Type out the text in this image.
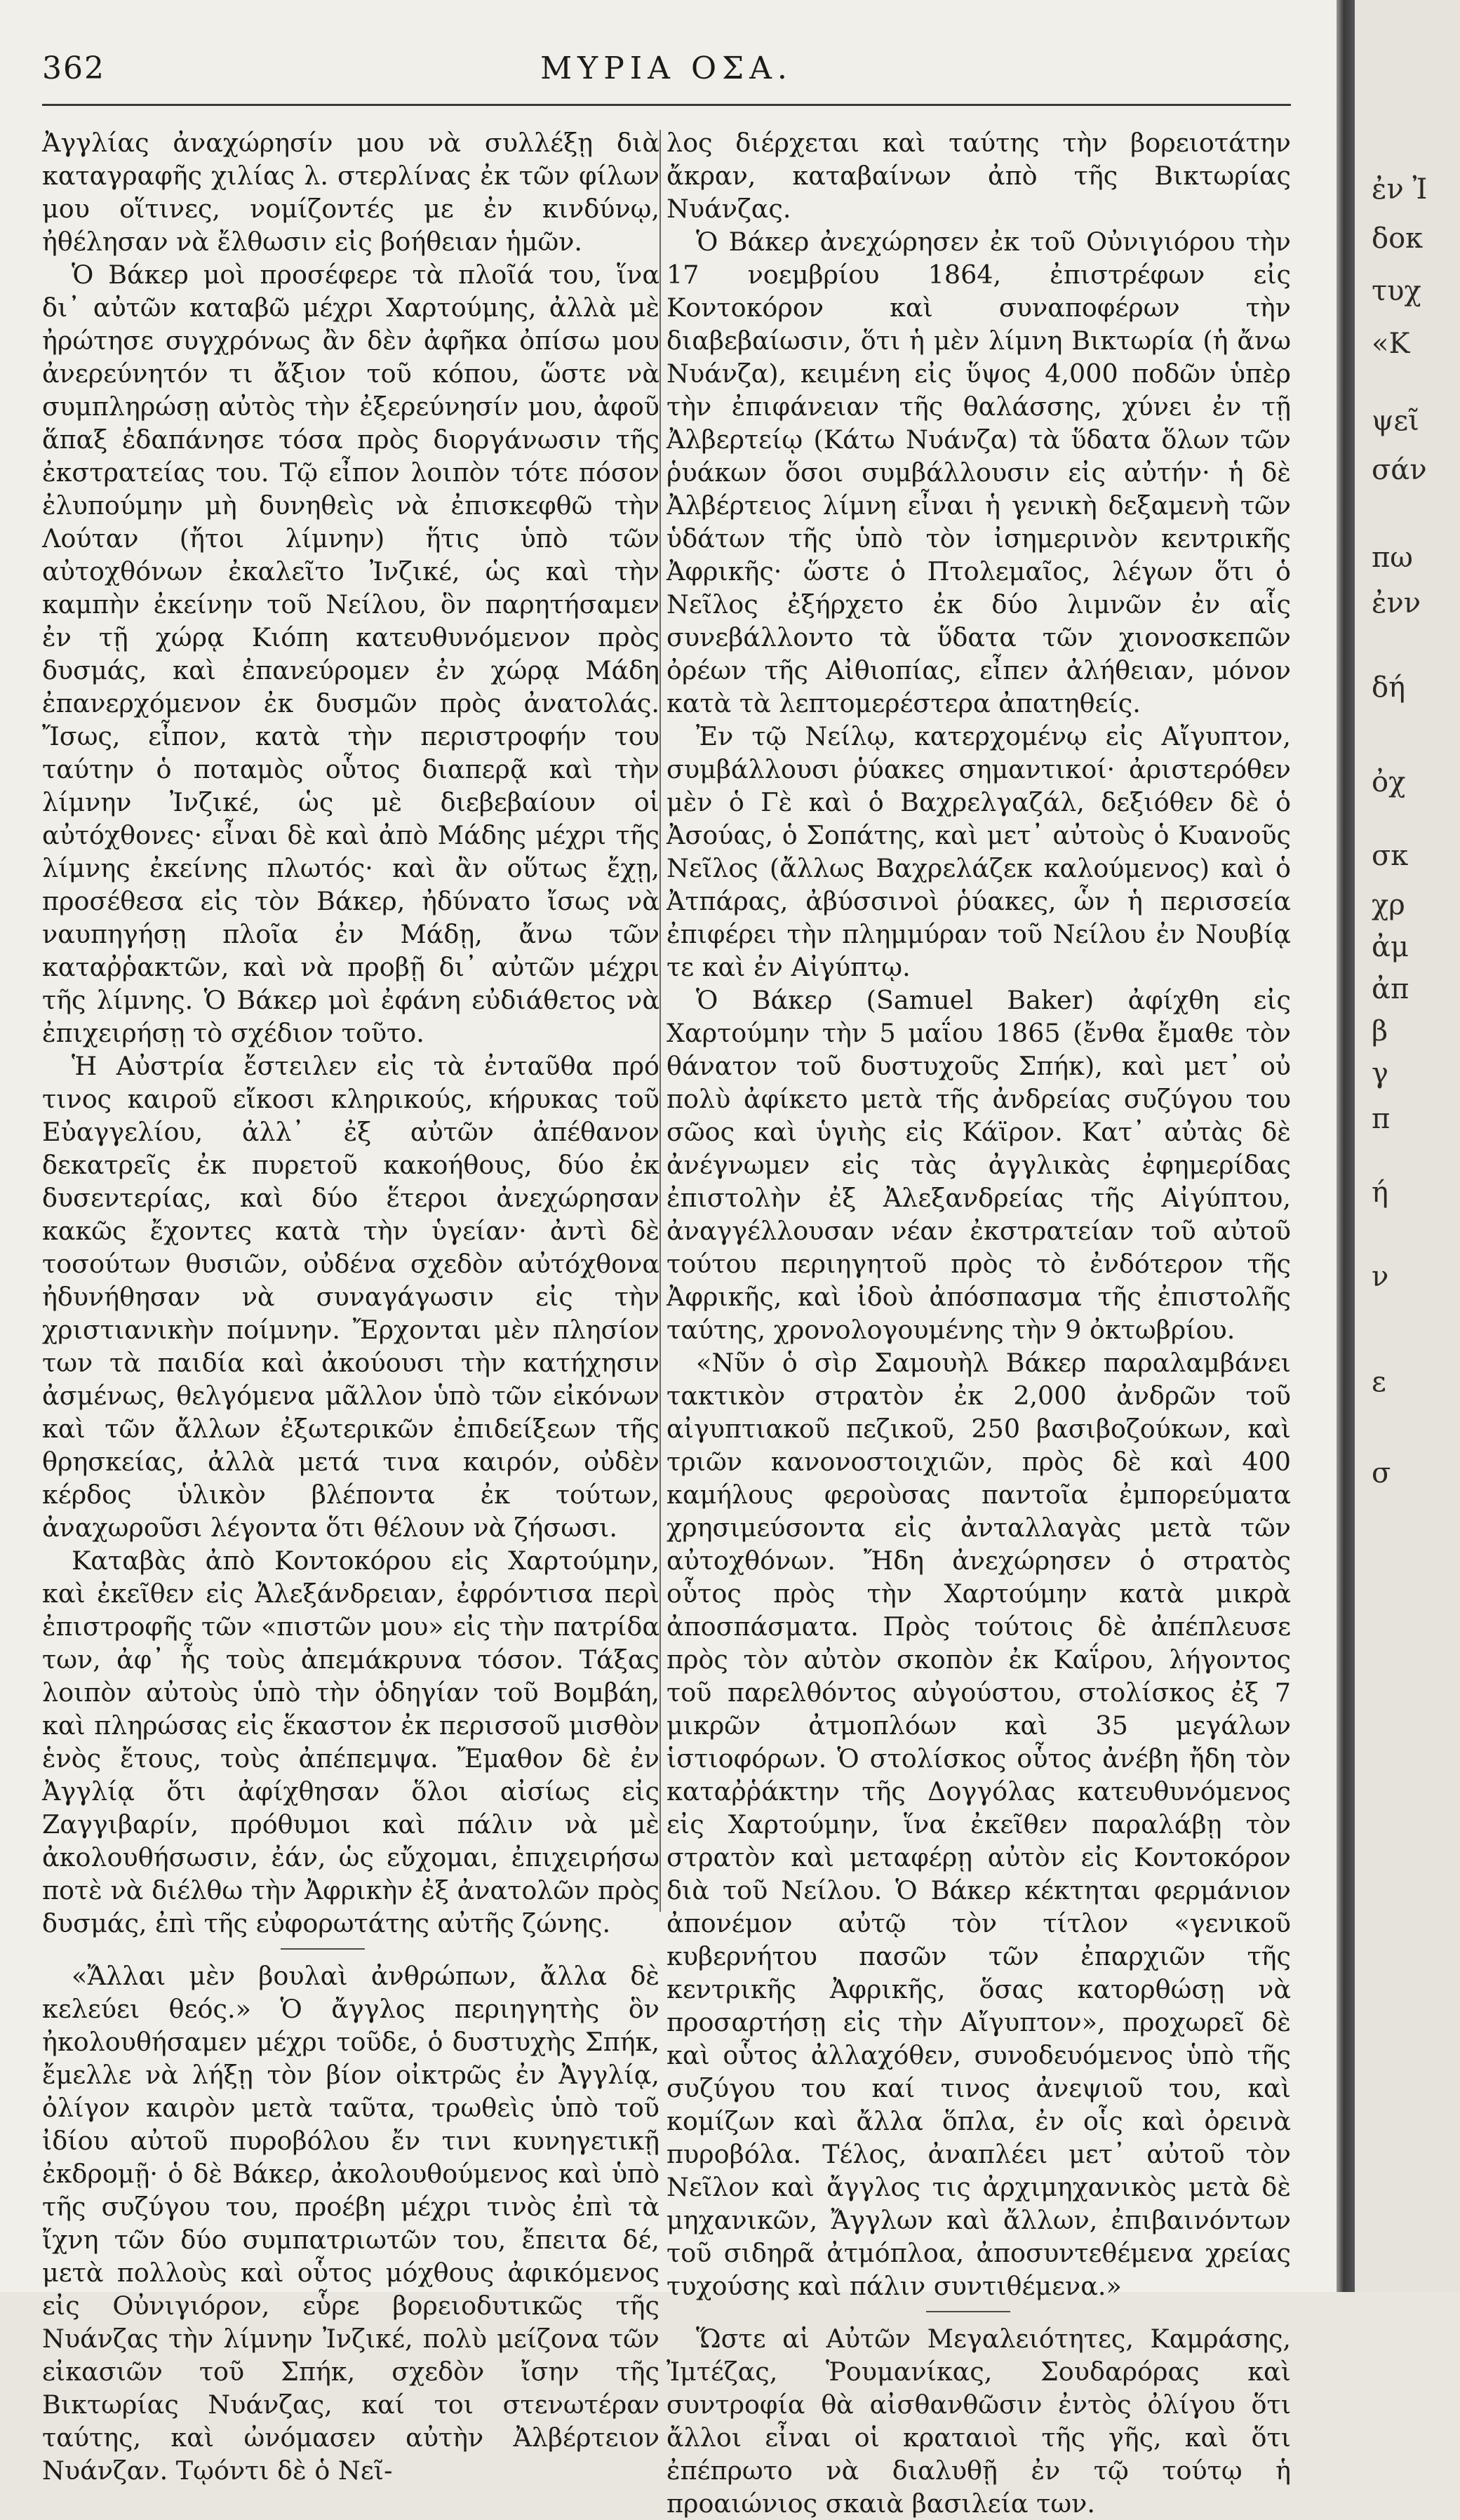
362	ΜΥΡΙΑ ΟΣΑ.

Ἀγγλίας ἀναχώρησίν μου νὰ συλλέξῃ διὰ καταγραφῆς χιλίας λ. στερλίνας ἐκ τῶν φίλων μου οἵτινες, νομίζοντές με ἐν κινδύνῳ, ἠθέλησαν νὰ ἔλθωσιν εἰς βοήθειαν ἡμῶν.

Ὁ Βάκερ μοὶ προσέφερε τὰ πλοῖά του, ἵνα δι᾽ αὐτῶν καταβῶ μέχρι Χαρτούμης, ἀλλὰ μὲ ἠρώτησε συγχρόνως ἂν δὲν ἀφῆκα ὀπίσω μου ἀνερεύνητόν τι ἄξιον τοῦ κόπου, ὥστε νὰ συμπληρώσῃ αὐτὸς τὴν ἐξερεύνησίν μου, ἀφοῦ ἅπαξ ἐδαπάνησε τόσα πρὸς διοργάνωσιν τῆς ἐκστρατείας του. Τῷ εἶπον λοιπὸν τότε πόσον ἐλυπούμην μὴ δυνηθεὶς νὰ ἐπισκεφθῶ τὴν Λούταν (ἤτοι λίμνην) ἥτις ὑπὸ τῶν αὐτοχθόνων ἐκαλεῖτο Ἰνζικέ, ὡς καὶ τὴν καμπὴν ἐκείνην τοῦ Νείλου, ὃν παρητήσαμεν ἐν τῇ χώρᾳ Κιόπη κατευθυνόμενον πρὸς δυσμάς, καὶ ἐπανεύρομεν ἐν χώρᾳ Μάδη ἐπανερχόμενον ἐκ δυσμῶν πρὸς ἀνατολάς. Ἴσως, εἶπον, κατὰ τὴν περιστροφήν του ταύτην ὁ ποταμὸς οὗτος διαπερᾷ καὶ τὴν λίμνην Ἰνζικέ, ὡς μὲ διεβεβαίουν οἱ αὐτόχθονες· εἶναι δὲ καὶ ἀπὸ Μάδης μέχρι τῆς λίμνης ἐκείνης πλωτός· καὶ ἂν οὕτως ἔχῃ, προσέθεσα εἰς τὸν Βάκερ, ἠδύνατο ἴσως νὰ ναυπηγήσῃ πλοῖα ἐν Μάδῃ, ἄνω τῶν καταῤῥακτῶν, καὶ νὰ προβῇ δι᾽ αὐτῶν μέχρι τῆς λίμνης. Ὁ Βάκερ μοὶ ἐφάνη εὐδιάθετος νὰ ἐπιχειρήσῃ τὸ σχέδιον τοῦτο.

Ἡ Αὐστρία ἔστειλεν εἰς τὰ ἐνταῦθα πρό τινος καιροῦ εἴκοσι κληρικούς, κήρυκας τοῦ Εὐαγγελίου, ἀλλ᾽ ἐξ αὐτῶν ἀπέθανον δεκατρεῖς ἐκ πυρετοῦ κακοήθους, δύο ἐκ δυσεντερίας, καὶ δύο ἕτεροι ἀνεχώρησαν κακῶς ἔχοντες κατὰ τὴν ὑγείαν· ἀντὶ δὲ τοσούτων θυσιῶν, οὐδένα σχεδὸν αὐτόχθονα ἠδυνήθησαν νὰ συναγάγωσιν εἰς τὴν χριστιανικὴν ποίμνην. Ἔρχονται μὲν πλησίον των τὰ παιδία καὶ ἀκούουσι τὴν κατήχησιν ἀσμένως, θελγόμενα μᾶλλον ὑπὸ τῶν εἰκόνων καὶ τῶν ἄλλων ἐξωτερικῶν ἐπιδείξεων τῆς θρησκείας, ἀλλὰ μετά τινα καιρόν, οὐδὲν κέρδος ὑλικὸν βλέποντα ἐκ τούτων, ἀναχωροῦσι λέγοντα ὅτι θέλουν νὰ ζήσωσι.

Καταβὰς ἀπὸ Κοντοκόρου εἰς Χαρτούμην, καὶ ἐκεῖθεν εἰς Ἀλεξάνδρειαν, ἐφρόντισα περὶ ἐπιστροφῆς τῶν «πιστῶν μου» εἰς τὴν πατρίδα των, ἀφ᾽ ἧς τοὺς ἀπεμάκρυνα τόσον. Τάξας λοιπὸν αὐτοὺς ὑπὸ τὴν ὁδηγίαν τοῦ Βομβάη, καὶ πληρώσας εἰς ἕκαστον ἐκ περισσοῦ μισθὸν ἑνὸς ἔτους, τοὺς ἀπέπεμψα. Ἔμαθον δὲ ἐν Ἀγγλίᾳ ὅτι ἀφίχθησαν ὅλοι αἰσίως εἰς Ζαγγιβαρίν, πρόθυμοι καὶ πάλιν νὰ μὲ ἀκολουθήσωσιν, ἐάν, ὡς εὔχομαι, ἐπιχειρήσω ποτὲ νὰ διέλθω τὴν Ἀφρικὴν ἐξ ἀνατολῶν πρὸς δυσμάς, ἐπὶ τῆς εὐφορωτάτης αὐτῆς ζώνης.

«Ἄλλαι μὲν βουλαὶ ἀνθρώπων, ἄλλα δὲ κελεύει θεός.» Ὁ ἄγγλος περιηγητὴς ὃν ἠκολουθήσαμεν μέχρι τοῦδε, ὁ δυστυχὴς Σπήκ, ἔμελλε νὰ λήξῃ τὸν βίον οἰκτρῶς ἐν Ἀγγλίᾳ, ὀλίγον καιρὸν μετὰ ταῦτα, τρωθεὶς ὑπὸ τοῦ ἰδίου αὐτοῦ πυροβόλου ἔν τινι κυνηγετικῇ ἐκδρομῇ· ὁ δὲ Βάκερ, ἀκολουθούμενος καὶ ὑπὸ τῆς συζύγου του, προέβη μέχρι τινὸς ἐπὶ τὰ ἴχνη τῶν δύο συμπατριωτῶν του, ἔπειτα δέ, μετὰ πολλοὺς καὶ οὗτος μόχθους ἀφικόμενος εἰς Οὐνιγιόρον, εὗρε βορειοδυτικῶς τῆς Νυάνζας τὴν λίμνην Ἰνζικέ, πολὺ μείζονα τῶν εἰκασιῶν τοῦ Σπήκ, σχεδὸν ἴσην τῆς Βικτωρίας Νυάνζας, καί τοι στενωτέραν ταύτης, καὶ ὠνόμασεν αὐτὴν Ἀλβέρτειον Νυάνζαν. Τῳόντι δὲ ὁ Νεῖ-

λος διέρχεται καὶ ταύτης τὴν βορειοτάτην ἄκραν, καταβαίνων ἀπὸ τῆς Βικτωρίας Νυάνζας.

Ὁ Βάκερ ἀνεχώρησεν ἐκ τοῦ Οὐνιγιόρου τὴν 17 νοεμβρίου 1864, ἐπιστρέφων εἰς Κοντοκόρον καὶ συναποφέρων τὴν διαβεβαίωσιν, ὅτι ἡ μὲν λίμνη Βικτωρία (ἡ ἄνω Νυάνζα), κειμένη εἰς ὕψος 4,000 ποδῶν ὑπὲρ τὴν ἐπιφάνειαν τῆς θαλάσσης, χύνει ἐν τῇ Ἀλβερτείῳ (Κάτω Νυάνζα) τὰ ὕδατα ὅλων τῶν ῥυάκων ὅσοι συμβάλλουσιν εἰς αὐτήν· ἡ δὲ Ἀλβέρτειος λίμνη εἶναι ἡ γενικὴ δεξαμενὴ τῶν ὑδάτων τῆς ὑπὸ τὸν ἰσημερινὸν κεντρικῆς Ἀφρικῆς· ὥστε ὁ Πτολεμαῖος, λέγων ὅτι ὁ Νεῖλος ἐξήρχετο ἐκ δύο λιμνῶν ἐν αἷς συνεβάλλοντο τὰ ὕδατα τῶν χιονοσκεπῶν ὀρέων τῆς Αἰθιοπίας, εἶπεν ἀλήθειαν, μόνον κατὰ τὰ λεπτομερέστερα ἀπατηθείς.

Ἐν τῷ Νείλῳ, κατερχομένῳ εἰς Αἴγυπτον, συμβάλλουσι ῥύακες σημαντικοί· ἀριστερόθεν μὲν ὁ Γὲ καὶ ὁ Βαχρελγαζάλ, δεξιόθεν δὲ ὁ Ἀσούας, ὁ Σοπάτης, καὶ μετ᾽ αὐτοὺς ὁ Κυανοῦς Νεῖλος (ἄλλως Βαχρελάζεκ καλούμενος) καὶ ὁ Ἀτπάρας, ἀβύσσινοὶ ῥύακες, ὧν ἡ περισσεία ἐπιφέρει τὴν πλημμύραν τοῦ Νείλου ἐν Νουβίᾳ τε καὶ ἐν Αἰγύπτῳ.

Ὁ Βάκερ (Samuel Baker) ἀφίχθη εἰς Χαρτούμην τὴν 5 μαΐου 1865 (ἔνθα ἔμαθε τὸν θάνατον τοῦ δυστυχοῦς Σπήκ), καὶ μετ᾽ οὐ πολὺ ἀφίκετο μετὰ τῆς ἀνδρείας συζύγου του σῶος καὶ ὑγιὴς εἰς Κάϊρον. Κατ᾽ αὐτὰς δὲ ἀνέγνωμεν εἰς τὰς ἀγγλικὰς ἐφημερίδας ἐπιστολὴν ἐξ Ἀλεξανδρείας τῆς Αἰγύπτου, ἀναγγέλλουσαν νέαν ἐκστρατείαν τοῦ αὐτοῦ τούτου περιηγητοῦ πρὸς τὸ ἐνδότερον τῆς Ἀφρικῆς, καὶ ἰδοὺ ἀπόσπασμα τῆς ἐπιστολῆς ταύτης, χρονολογουμένης τὴν 9 ὀκτωβρίου.

«Νῦν ὁ σὶρ Σαμουὴλ Βάκερ παραλαμβάνει τακτικὸν στρατὸν ἐκ 2,000 ἀνδρῶν τοῦ αἰγυπτιακοῦ πεζικοῦ, 250 βασιβοζούκων, καὶ τριῶν κανονοστοιχιῶν, πρὸς δὲ καὶ 400 καμήλους φεροὺσας παντοῖα ἐμπορεύματα χρησιμεύσοντα εἰς ἀνταλλαγὰς μετὰ τῶν αὐτοχθόνων. Ἤδη ἀνεχώρησεν ὁ στρατὸς οὗτος πρὸς τὴν Χαρτούμην κατὰ μικρὰ ἀποσπάσματα. Πρὸς τούτοις δὲ ἀπέπλευσε πρὸς τὸν αὐτὸν σκοπὸν ἐκ Καΐρου, λήγοντος τοῦ παρελθόντος αὐγούστου, στολίσκος ἐξ 7 μικρῶν ἀτμοπλόων καὶ 35 μεγάλων ἱστιοφόρων. Ὁ στολίσκος οὗτος ἀνέβη ἤδη τὸν καταῤῥάκτην τῆς Δογγόλας κατευθυνόμενος εἰς Χαρτούμην, ἵνα ἐκεῖθεν παραλάβῃ τὸν στρατὸν καὶ μεταφέρῃ αὐτὸν εἰς Κοντοκόρον διὰ τοῦ Νείλου. Ὁ Βάκερ κέκτηται φερμάνιον ἀπονέμον αὐτῷ τὸν τίτλον «γενικοῦ κυβερνήτου πασῶν τῶν ἐπαρχιῶν τῆς κεντρικῆς Ἀφρικῆς, ὅσας κατορθώσῃ νὰ προσαρτήσῃ εἰς τὴν Αἴγυπτον», προχωρεῖ δὲ καὶ οὗτος ἀλλαχόθεν, συνοδευόμενος ὑπὸ τῆς συζύγου του καί τινος ἀνεψιοῦ του, καὶ κομίζων καὶ ἄλλα ὅπλα, ἐν οἷς καὶ ὀρεινὰ πυροβόλα. Τέλος, ἀναπλέει μετ᾽ αὐτοῦ τὸν Νεῖλον καὶ ἄγγλος τις ἀρχιμηχανικὸς μετὰ δὲ μηχανικῶν, Ἄγγλων καὶ ἄλλων, ἐπιβαινόντων τοῦ σιδηρᾶ ἀτμόπλοα, ἀποσυντεθέμενα χρείας τυχούσης καὶ πάλιν συντιθέμενα.»

Ὥστε αἱ Αὐτῶν Μεγαλειότητες, Καμράσης, Ἰμτέζας, Ῥουμανίκας, Σουδαρόρας καὶ συντροφία θὰ αἰσθανθῶσιν ἐντὸς ὀλίγου ὅτι ἄλλοι εἶναι οἱ κραταιοὶ τῆς γῆς, καὶ ὅτι ἐπέπρωτο νὰ διαλυθῇ ἐν τῷ τούτῳ ἡ προαιώνιος σκαιὰ βασιλεία των.

ἐν Ἰ
δοκ
τυχ
«Κ
ψεῖ
σάν
πω
ἐνν
δή
ὀχ
σκ
χρ
ἀμ
ἀπ
β
γ
π
ή
ν
ε
σ
